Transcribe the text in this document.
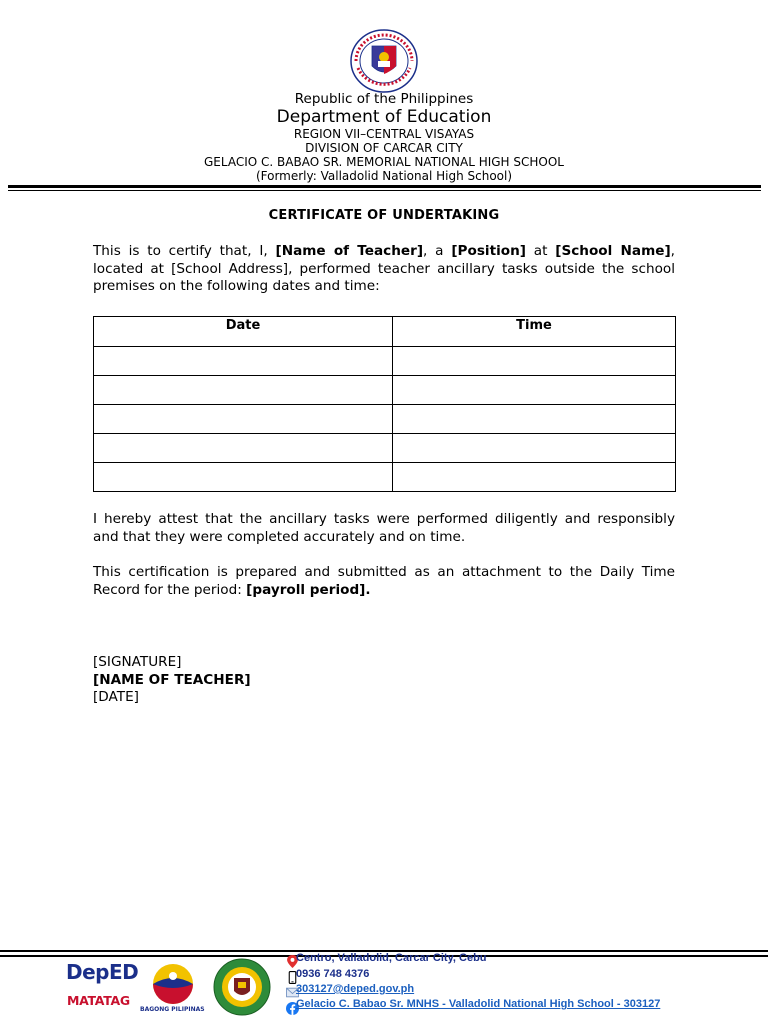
Republic of the Philippines
Department of Education
REGION VII–CENTRAL VISAYAS
DIVISION OF CARCAR CITY
GELACIO C. BABAO SR. MEMORIAL NATIONAL HIGH SCHOOL
(Formerly: Valladolid National High School)
CERTIFICATE OF UNDERTAKING
This is to certify that, I, [Name of Teacher], a [Position] at [School Name], located at [School Address], performed teacher ancillary tasks outside the school premises on the following dates and time:
Date	Time

I hereby attest that the ancillary tasks were performed diligently and responsibly and that they were completed accurately and on time.
This certification is prepared and submitted as an attachment to the Daily Time Record for the period: [payroll period].
[SIGNATURE]
[NAME OF TEACHER]
[DATE]
DepED
MATATAG
BAGONG PILIPINAS
Centro, Valladolid, Carcar City, Cebu
0936 748 4376
303127@deped.gov.ph
Gelacio C. Babao Sr. MNHS - Valladolid National High School - 303127
